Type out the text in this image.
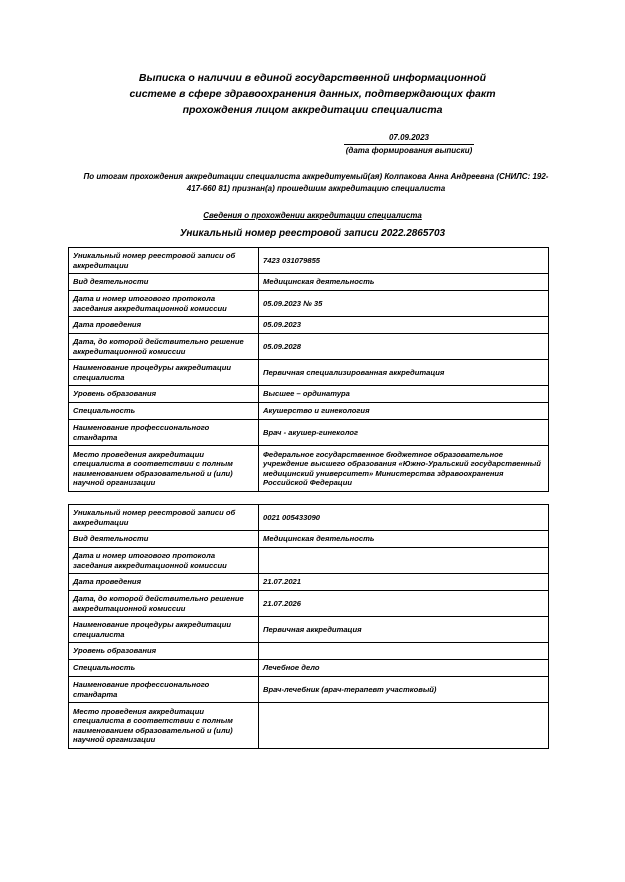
Выписка о наличии в единой государственной информационной
системе в сфере здравоохранения данных, подтверждающих факт
прохождения лицом аккредитации специалиста
07.09.2023
(дата формирования выписки)
По итогам прохождения аккредитации специалиста аккредитуемый(ая) Колпакова Анна Андреевна (СНИЛС: 192-
417-660 81) признан(а) прошедшим аккредитацию специалиста
Сведения о прохождении аккредитации специалиста
Уникальный номер реестровой записи 2022.2865703
Уникальный номер реестровой записи об аккредитации	7423 031079855
Вид деятельности	Медицинская деятельность
Дата и номер итогового протокола заседания аккредитационной комиссии	05.09.2023 № 35
Дата проведения	05.09.2023
Дата, до которой действительно решение аккредитационной комиссии	05.09.2028
Наименование процедуры аккредитации специалиста	Первичная специализированная аккредитация
Уровень образования	Высшее – ординатура
Специальность	Акушерство и гинекология
Наименование профессионального стандарта	Врач - акушер-гинеколог
Место проведения аккредитации специалиста в соответствии с полным наименованием образовательной и (или) научной организации	Федеральное государственное бюджетное образовательное учреждение высшего образования «Южно-Уральский государственный медицинский университет» Министерства здравоохранения Российской Федерации
Уникальный номер реестровой записи об аккредитации	0021 005433090
Вид деятельности	Медицинская деятельность
Дата и номер итогового протокола заседания аккредитационной комиссии	
Дата проведения	21.07.2021
Дата, до которой действительно решение аккредитационной комиссии	21.07.2026
Наименование процедуры аккредитации специалиста	Первичная аккредитация
Уровень образования	
Специальность	Лечебное дело
Наименование профессионального стандарта	Врач-лечебник (врач-терапевт участковый)
Место проведения аккредитации специалиста в соответствии с полным наименованием образовательной и (или) научной организации	
